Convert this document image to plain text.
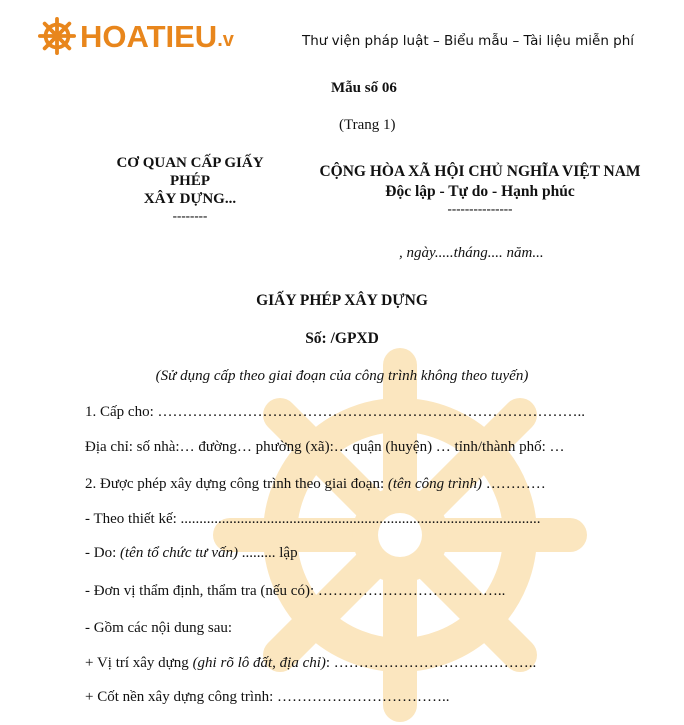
HOATIEU .v	Thư viện pháp luật – Biểu mẫu – Tài liệu miễn phí
Mẫu số 06
(Trang 1)
CƠ QUAN CẤP GIẤY
PHÉP
XÂY DỰNG...
--------
CỘNG HÒA XÃ HỘI CHỦ NGHĨA VIỆT NAM
Độc lập - Tự do - Hạnh phúc
---------------
, ngày.....tháng.... năm...
GIẤY PHÉP XÂY DỰNG
Số: /GPXD
(Sử dụng cấp theo giai đoạn của công trình không theo tuyến)
1. Cấp cho: …………………………………………………………………………..
Địa chỉ: số nhà:… đường… phường (xã):… quận (huyện) … tỉnh/thành phố: …
2. Được phép xây dựng công trình theo giai đoạn: (tên công trình) …………
- Theo thiết kế: ................................................................................................
- Do: (tên tổ chức tư vấn) ......... lập
- Đơn vị thẩm định, thẩm tra (nếu có): ………………………………..
- Gồm các nội dung sau:
+ Vị trí xây dựng (ghi rõ lô đất, địa chỉ): …………………………………..
+ Cốt nền xây dựng công trình: ……………………………..
